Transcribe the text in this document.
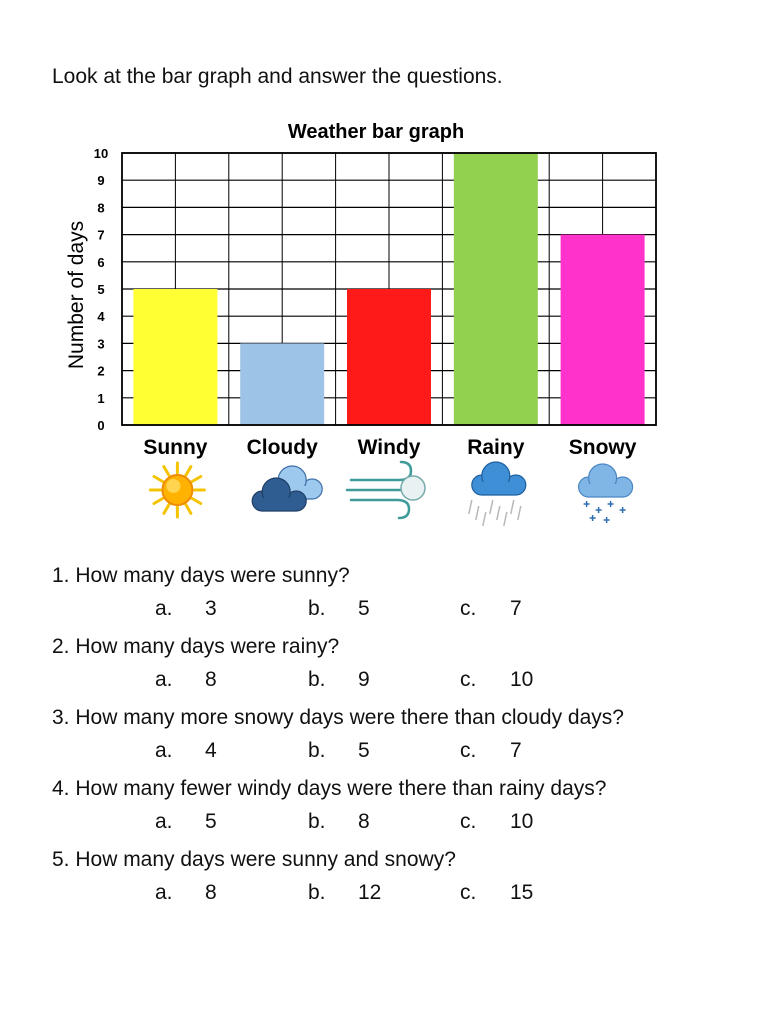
Look at the bar graph and answer the questions.
Weather bar graph
Number of days
0
1
2
3
4
5
6
7
8
9
10
Sunny Cloudy Windy Rainy Snowy
1. How many days were sunny?
a. 3	b. 5	c. 7
2. How many days were rainy?
a. 8	b. 9	c. 10
3. How many more snowy days were there than cloudy days?
a. 4	b. 5	c. 7
4. How many fewer windy days were there than rainy days?
a. 5	b. 8	c. 10
5. How many days were sunny and snowy?
a. 8	b. 12	c. 15
